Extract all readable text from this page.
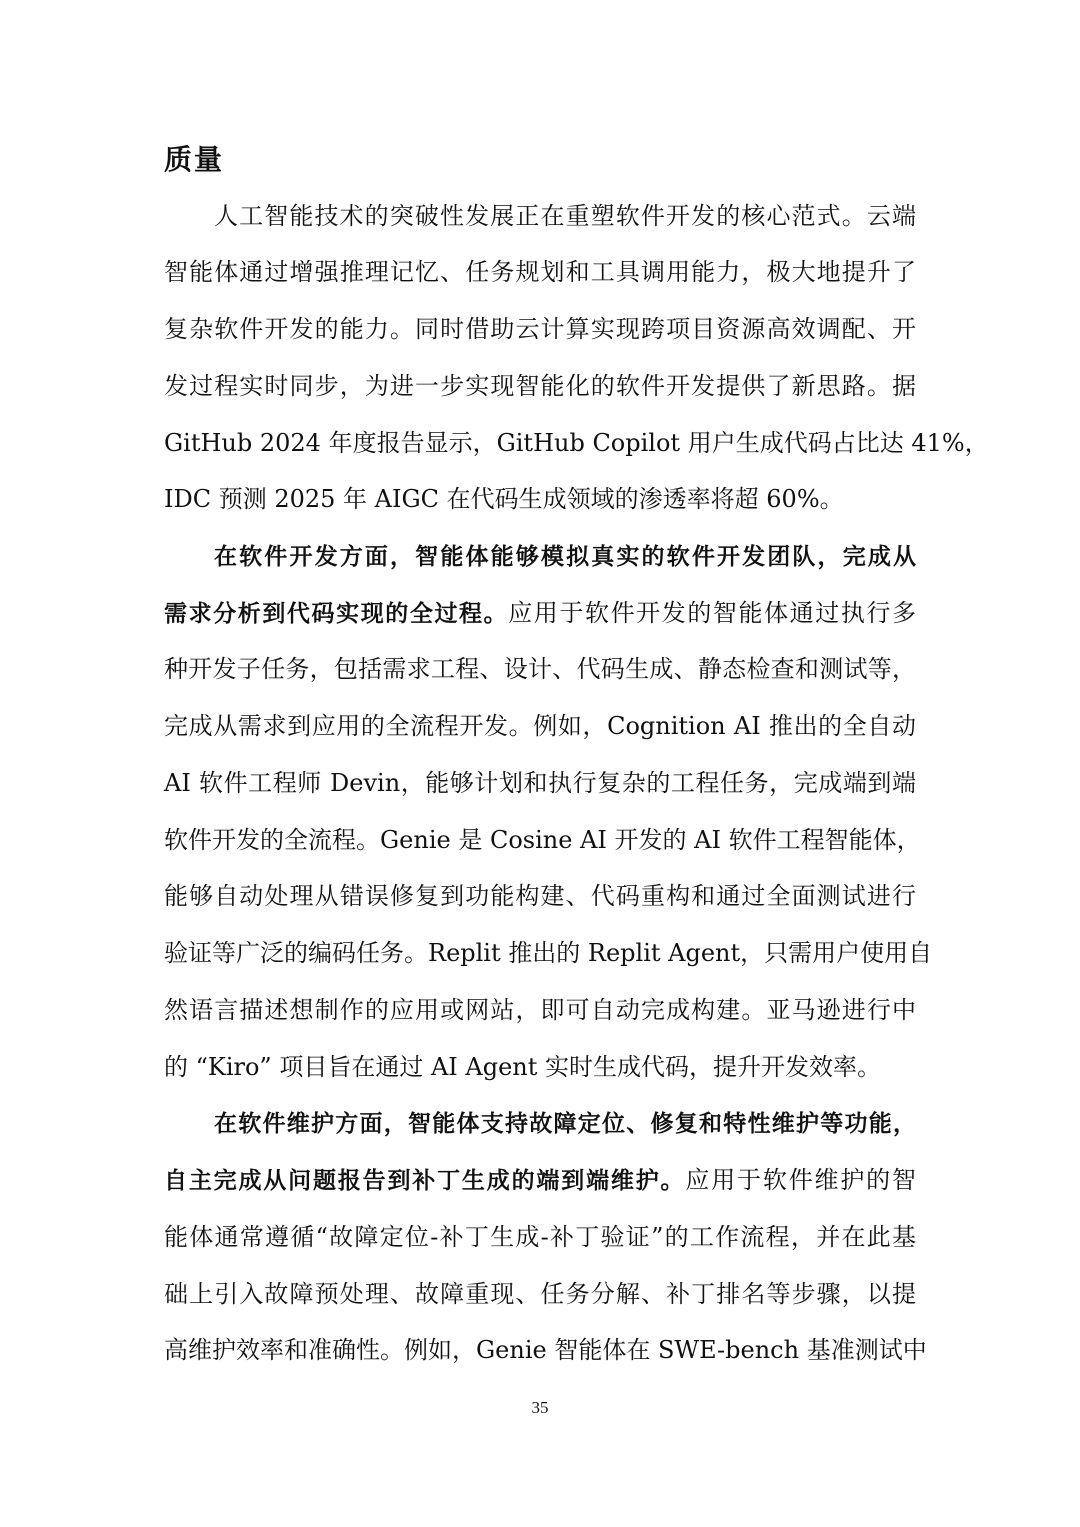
质量
人工智能技术的突破性发展正在重塑软件开发的核心范式。云端
智能体通过增强推理记忆、任务规划和工具调用能力，极大地提升了
复杂软件开发的能力。同时借助云计算实现跨项目资源高效调配、开
发过程实时同步，为进一步实现智能化的软件开发提供了新思路。据
GitHub 2024 年度报告显示，GitHub Copilot 用户生成代码占比达 41%，
IDC 预测 2025 年 AIGC 在代码生成领域的渗透率将超 60%。
在软件开发方面，智能体能够模拟真实的软件开发团队，完成从
需求分析到代码实现的全过程。应用于软件开发的智能体通过执行多
种开发子任务，包括需求工程、设计、代码生成、静态检查和测试等，
完成从需求到应用的全流程开发。例如，Cognition AI 推出的全自动
AI 软件工程师 Devin，能够计划和执行复杂的工程任务，完成端到端
软件开发的全流程。Genie 是 Cosine AI 开发的 AI 软件工程智能体，
能够自动处理从错误修复到功能构建、代码重构和通过全面测试进行
验证等广泛的编码任务。Replit 推出的 Replit Agent，只需用户使用自
然语言描述想制作的应用或网站，即可自动完成构建。亚马逊进行中
的 “Kiro” 项目旨在通过 AI Agent 实时生成代码，提升开发效率。
在软件维护方面，智能体支持故障定位、修复和特性维护等功能，
自主完成从问题报告到补丁生成的端到端维护。应用于软件维护的智
能体通常遵循“故障定位-补丁生成-补丁验证”的工作流程，并在此基
础上引入故障预处理、故障重现、任务分解、补丁排名等步骤，以提
高维护效率和准确性。例如，Genie 智能体在 SWE-bench 基准测试中
35
